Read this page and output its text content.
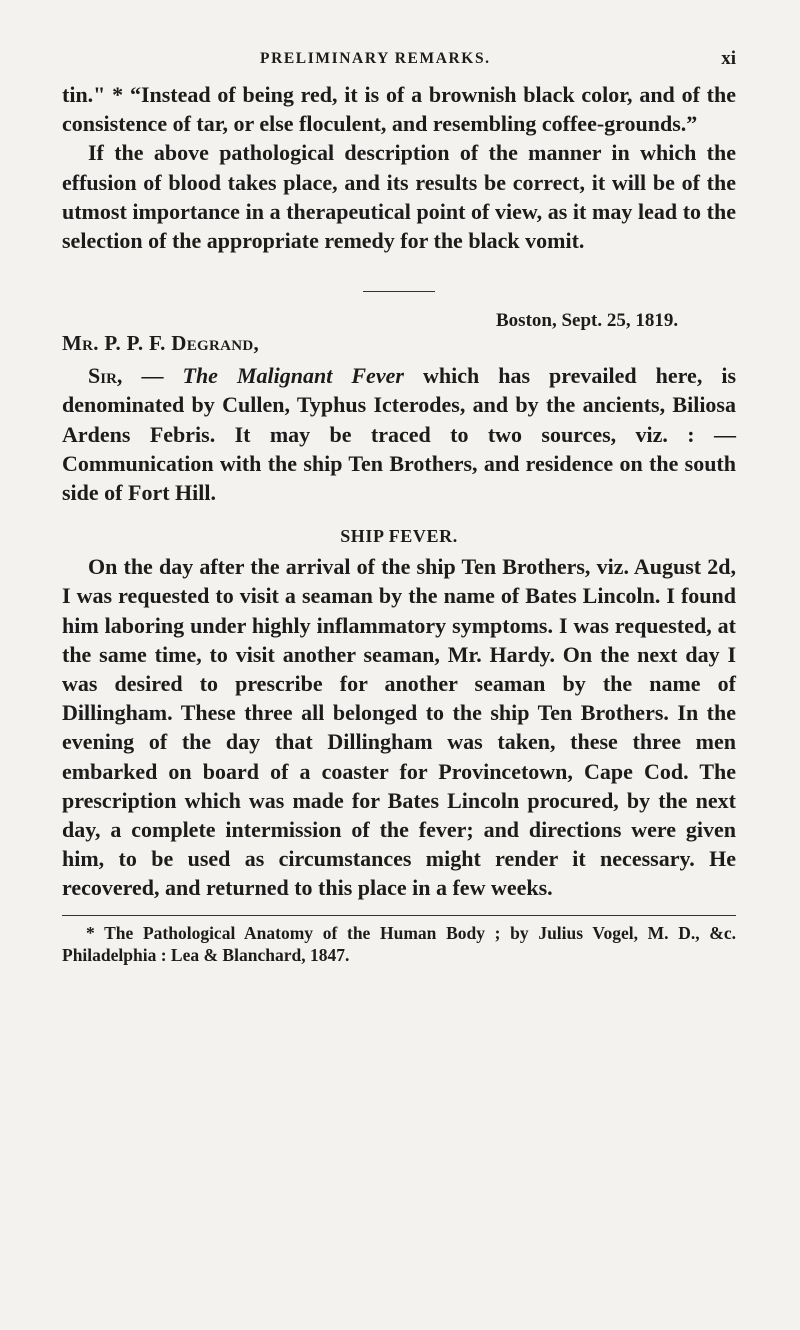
PRELIMINARY REMARKS.	xi

tin." * “Instead of being red, it is of a brownish black color, and of the consistence of tar, or else floculent, and resembling coffee-grounds.”

If the above pathological description of the manner in which the effusion of blood takes place, and its results be correct, it will be of the utmost importance in a therapeutical point of view, as it may lead to the selection of the appropriate remedy for the black vomit.

Boston, Sept. 25, 1819.
Mr. P. P. F. Degrand,

Sir, — The Malignant Fever which has prevailed here, is denominated by Cullen, Typhus Icterodes, and by the ancients, Biliosa Ardens Febris. It may be traced to two sources, viz. : — Communication with the ship Ten Brothers, and residence on the south side of Fort Hill.

SHIP FEVER.

On the day after the arrival of the ship Ten Brothers, viz. August 2d, I was requested to visit a seaman by the name of Bates Lincoln. I found him laboring under highly inflammatory symptoms. I was requested, at the same time, to visit another seaman, Mr. Hardy. On the next day I was desired to prescribe for another seaman by the name of Dillingham. These three all belonged to the ship Ten Brothers. In the evening of the day that Dillingham was taken, these three men embarked on board of a coaster for Provincetown, Cape Cod. The prescription which was made for Bates Lincoln procured, by the next day, a complete intermission of the fever; and directions were given him, to be used as circumstances might render it necessary. He recovered, and returned to this place in a few weeks.

* The Pathological Anatomy of the Human Body ; by Julius Vogel, M. D., &c. Philadelphia : Lea & Blanchard, 1847.
